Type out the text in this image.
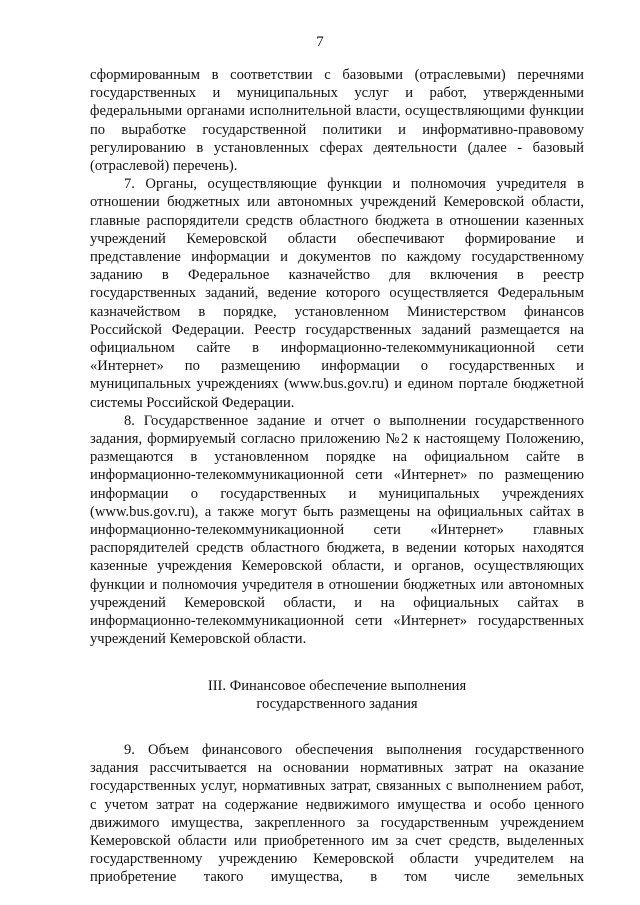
7

сформированным в соответствии с базовыми (отраслевыми) перечнями государственных и муниципальных услуг и работ, утвержденными федеральными органами исполнительной власти, осуществляющими функции по выработке государственной политики и информативно-правовому регулированию в установленных сферах деятельности (далее - базовый (отраслевой) перечень).

7. Органы, осуществляющие функции и полномочия учредителя в отношении бюджетных или автономных учреждений Кемеровской области, главные распорядители средств областного бюджета в отношении казенных учреждений Кемеровской области обеспечивают формирование и представление информации и документов по каждому государственному заданию в Федеральное казначейство для включения в реестр государственных заданий, ведение которого осуществляется Федеральным казначейством в порядке, установленном Министерством финансов Российской Федерации. Реестр государственных заданий размещается на официальном сайте в информационно-телекоммуникационной сети «Интернет» по размещению информации о государственных и муниципальных учреждениях (www.bus.gov.ru) и едином портале бюджетной системы Российской Федерации.

8. Государственное задание и отчет о выполнении государственного задания, формируемый согласно приложению №2 к настоящему Положению, размещаются в установленном порядке на официальном сайте в информационно-телекоммуникационной сети «Интернет» по размещению информации о государственных и муниципальных учреждениях (www.bus.gov.ru), а также могут быть размещены на официальных сайтах в информационно-телекоммуникационной сети «Интернет» главных распорядителей средств областного бюджета, в ведении которых находятся казенные учреждения Кемеровской области, и органов, осуществляющих функции и полномочия учредителя в отношении бюджетных или автономных учреждений Кемеровской области, и на официальных сайтах в информационно-телекоммуникационной сети «Интернет» государственных учреждений Кемеровской области.

III. Финансовое обеспечение выполнения
государственного задания

9. Объем финансового обеспечения выполнения государственного задания рассчитывается на основании нормативных затрат на оказание государственных услуг, нормативных затрат, связанных с выполнением работ, с учетом затрат на содержание недвижимого имущества и особо ценного движимого имущества, закрепленного за государственным учреждением Кемеровской области или приобретенного им за счет средств, выделенных государственному учреждению Кемеровской области учредителем на приобретение такого имущества, в том числе земельных
